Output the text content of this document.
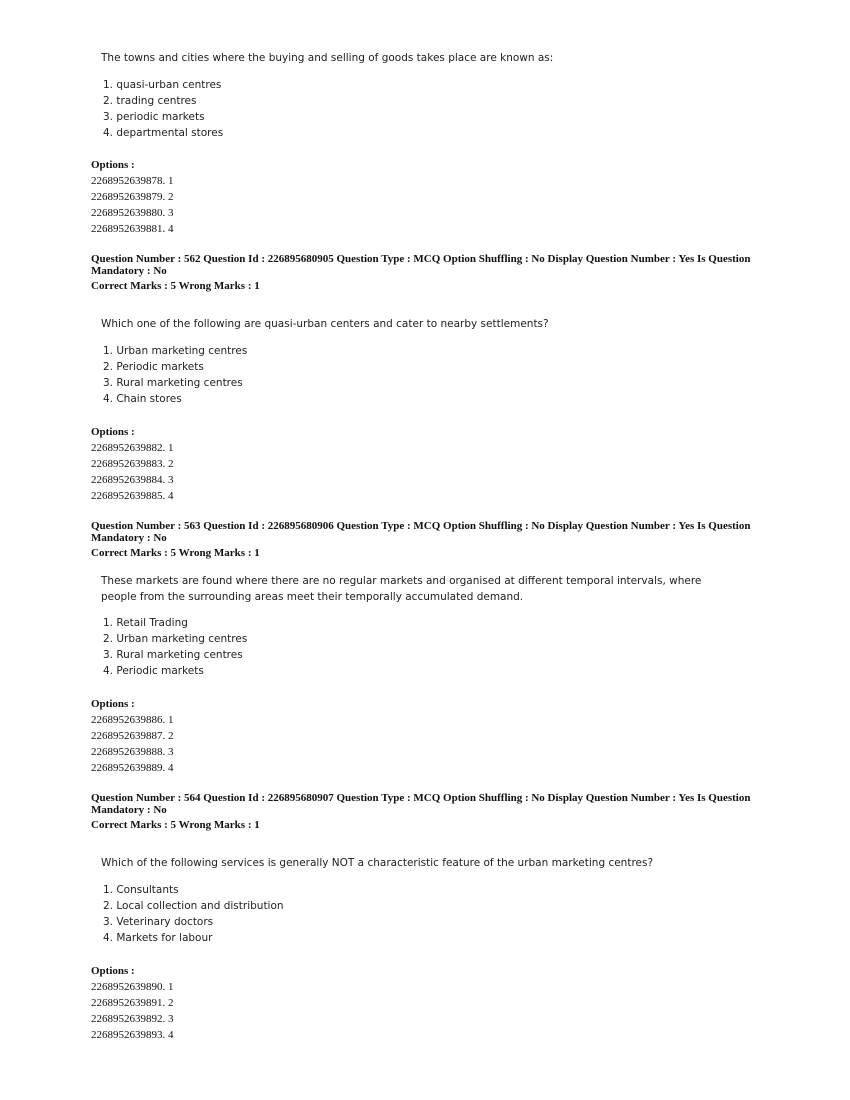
The towns and cities where the buying and selling of goods takes place are known as:
1. quasi-urban centres
2. trading centres
3. periodic markets
4. departmental stores
Options :
2268952639878. 1
2268952639879. 2
2268952639880. 3
2268952639881. 4
Question Number : 562 Question Id : 226895680905 Question Type : MCQ Option Shuffling : No Display Question Number : Yes Is Question Mandatory : No
Correct Marks : 5 Wrong Marks : 1
Which one of the following are quasi-urban centers and cater to nearby settlements?
1. Urban marketing centres
2. Periodic markets
3. Rural marketing centres
4. Chain stores
Options :
2268952639882. 1
2268952639883. 2
2268952639884. 3
2268952639885. 4
Question Number : 563 Question Id : 226895680906 Question Type : MCQ Option Shuffling : No Display Question Number : Yes Is Question Mandatory : No
Correct Marks : 5 Wrong Marks : 1
These markets are found where there are no regular markets and organised at different temporal intervals, where
people from the surrounding areas meet their temporally accumulated demand.
1. Retail Trading
2. Urban marketing centres
3. Rural marketing centres
4. Periodic markets
Options :
2268952639886. 1
2268952639887. 2
2268952639888. 3
2268952639889. 4
Question Number : 564 Question Id : 226895680907 Question Type : MCQ Option Shuffling : No Display Question Number : Yes Is Question Mandatory : No
Correct Marks : 5 Wrong Marks : 1
Which of the following services is generally NOT a characteristic feature of the urban marketing centres?
1. Consultants
2. Local collection and distribution
3. Veterinary doctors
4. Markets for labour
Options :
2268952639890. 1
2268952639891. 2
2268952639892. 3
2268952639893. 4
